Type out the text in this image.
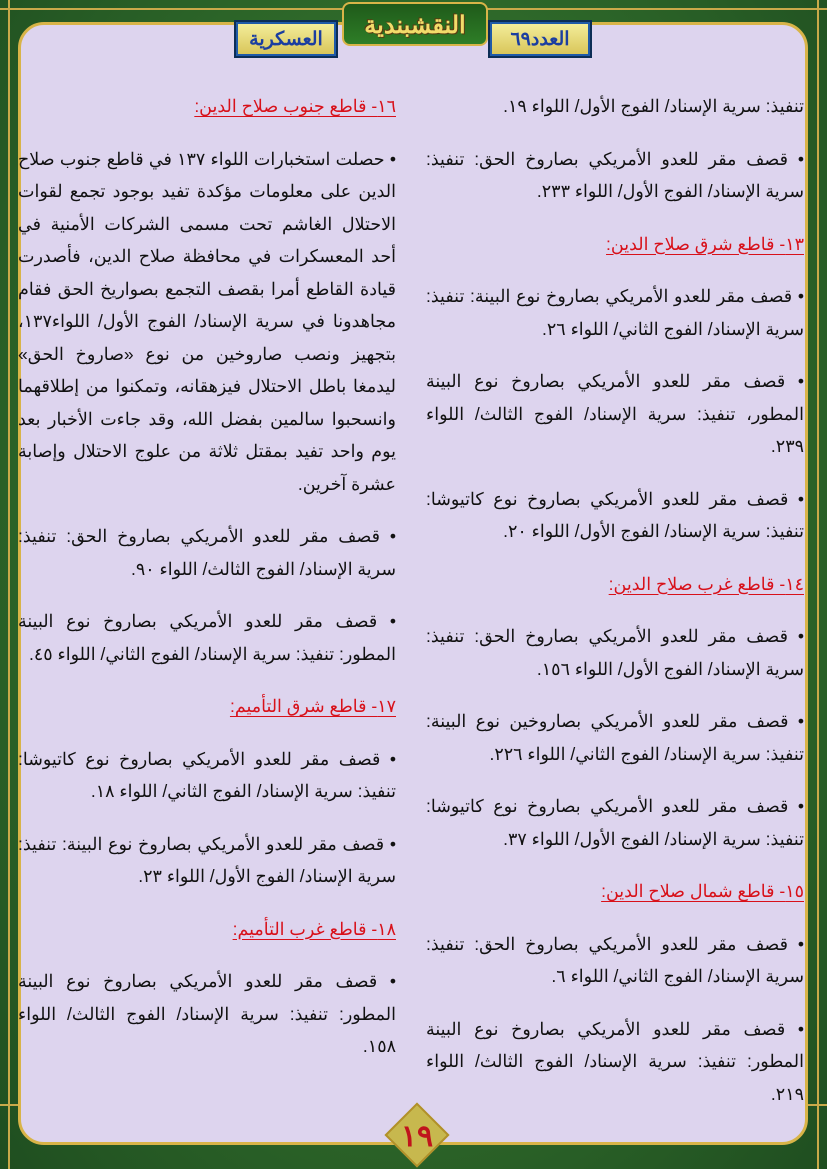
العدد٦٩
النقشبندية
العسكرية

تنفيذ: سرية الإسناد/ الفوج الأول/ اللواء ١٩.

• قصف مقر للعدو الأمريكي بصاروخ الحق: تنفيذ: سرية الإسناد/ الفوج الأول/ اللواء ٢٣٣.

١٣- قاطع شرق صلاح الدين:

• قصف مقر للعدو الأمريكي بصاروخ نوع البينة: تنفيذ: سرية الإسناد/ الفوج الثاني/ اللواء ٢٦.

• قصف مقر للعدو الأمريكي بصاروخ نوع البينة المطور، تنفيذ: سرية الإسناد/ الفوج الثالث/ اللواء ٢٣٩.

• قصف مقر للعدو الأمريكي بصاروخ نوع كاتيوشا: تنفيذ: سرية الإسناد/ الفوج الأول/ اللواء ٢٠.

١٤- قاطع غرب صلاح الدين:

• قصف مقر للعدو الأمريكي بصاروخ الحق: تنفيذ: سرية الإسناد/ الفوج الأول/ اللواء ١٥٦.

• قصف مقر للعدو الأمريكي بصاروخين نوع البينة: تنفيذ: سرية الإسناد/ الفوج الثاني/ اللواء ٢٢٦.

• قصف مقر للعدو الأمريكي بصاروخ نوع كاتيوشا: تنفيذ: سرية الإسناد/ الفوج الأول/ اللواء ٣٧.

١٥- قاطع شمال صلاح الدين:

• قصف مقر للعدو الأمريكي بصاروخ الحق: تنفيذ: سرية الإسناد/ الفوج الثاني/ اللواء ٦.

• قصف مقر للعدو الأمريكي بصاروخ نوع البينة المطور: تنفيذ: سرية الإسناد/ الفوج الثالث/ اللواء ٢١٩.

١٦- قاطع جنوب صلاح الدين:

• حصلت استخبارات اللواء ١٣٧ في قاطع جنوب صلاح الدين على معلومات مؤكدة تفيد بوجود تجمع لقوات الاحتلال الغاشم تحت مسمى الشركات الأمنية في أحد المعسكرات في محافظة صلاح الدين، فأصدرت قيادة القاطع أمرا بقصف التجمع بصواريخ الحق فقام مجاهدونا في سرية الإسناد/ الفوج الأول/ اللواء١٣٧، بتجهيز ونصب صاروخين من نوع «صاروخ الحق» ليدمغا باطل الاحتلال فيزهقانه، وتمكنوا من إطلاقهما وانسحبوا سالمين بفضل الله، وقد جاءت الأخبار بعد يوم واحد تفيد بمقتل ثلاثة من علوج الاحتلال وإصابة عشرة آخرين.

• قصف مقر للعدو الأمريكي بصاروخ الحق: تنفيذ: سرية الإسناد/ الفوج الثالث/ اللواء ٩٠.

• قصف مقر للعدو الأمريكي بصاروخ نوع البينة المطور: تنفيذ: سرية الإسناد/ الفوج الثاني/ اللواء ٤٥.

١٧- قاطع شرق التأميم:

• قصف مقر للعدو الأمريكي بصاروخ نوع كاتيوشا: تنفيذ: سرية الإسناد/ الفوج الثاني/ اللواء ١٨.

• قصف مقر للعدو الأمريكي بصاروخ نوع البينة: تنفيذ: سرية الإسناد/ الفوج الأول/ اللواء ٢٣.

١٨- قاطع غرب التأميم:

• قصف مقر للعدو الأمريكي بصاروخ نوع البينة المطور: تنفيذ: سرية الإسناد/ الفوج الثالث/ اللواء ١٥٨.

١٩
